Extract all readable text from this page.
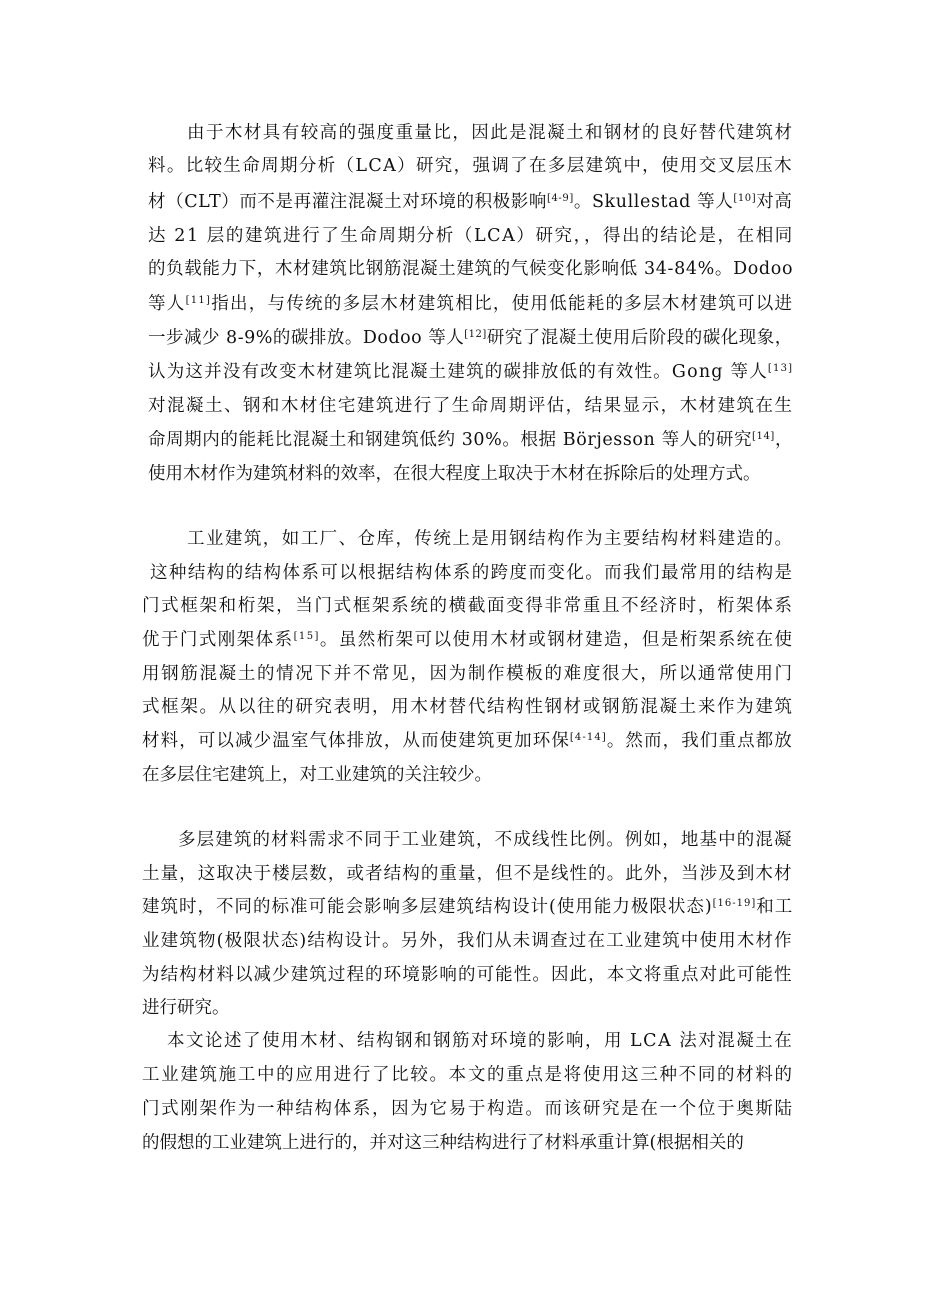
由于木材具有较高的强度重量比，因此是混凝土和钢材的良好替代建筑材
料。比较生命周期分析（LCA）研究，强调了在多层建筑中，使用交叉层压木
材（CLT）而不是再灌注混凝土对环境的积极影响[4-9]。Skullestad 等人[10]对高
达 21 层的建筑进行了生命周期分析（LCA）研究，，得出的结论是，在相同
的负载能力下，木材建筑比钢筋混凝土建筑的气候变化影响低 34-84%。Dodoo
等人[11]指出，与传统的多层木材建筑相比，使用低能耗的多层木材建筑可以进
一步减少 8-9%的碳排放。Dodoo 等人[12]研究了混凝土使用后阶段的碳化现象，
认为这并没有改变木材建筑比混凝土建筑的碳排放低的有效性。Gong 等人[13]
对混凝土、钢和木材住宅建筑进行了生命周期评估，结果显示，木材建筑在生
命周期内的能耗比混凝土和钢建筑低约 30%。根据 Börjesson 等人的研究[14]，
使用木材作为建筑材料的效率，在很大程度上取决于木材在拆除后的处理方式。
工业建筑，如工厂、仓库，传统上是用钢结构作为主要结构材料建造的。
这种结构的结构体系可以根据结构体系的跨度而变化。而我们最常用的结构是
门式框架和桁架，当门式框架系统的横截面变得非常重且不经济时，桁架体系
优于门式刚架体系[15]。虽然桁架可以使用木材或钢材建造，但是桁架系统在使
用钢筋混凝土的情况下并不常见，因为制作模板的难度很大，所以通常使用门
式框架。从以往的研究表明，用木材替代结构性钢材或钢筋混凝土来作为建筑
材料，可以减少温室气体排放，从而使建筑更加环保[4-14]。然而，我们重点都放
在多层住宅建筑上，对工业建筑的关注较少。
多层建筑的材料需求不同于工业建筑，不成线性比例。例如，地基中的混凝
土量，这取决于楼层数，或者结构的重量，但不是线性的。此外，当涉及到木材
建筑时，不同的标准可能会影响多层建筑结构设计(使用能力极限状态)[16-19]和工
业建筑物(极限状态)结构设计。另外，我们从未调查过在工业建筑中使用木材作
为结构材料以减少建筑过程的环境影响的可能性。因此，本文将重点对此可能性
进行研究。
本文论述了使用木材、结构钢和钢筋对环境的影响，用 LCA 法对混凝土在
工业建筑施工中的应用进行了比较。本文的重点是将使用这三种不同的材料的
门式刚架作为一种结构体系，因为它易于构造。而该研究是在一个位于奥斯陆
的假想的工业建筑上进行的，并对这三种结构进行了材料承重计算(根据相关的
